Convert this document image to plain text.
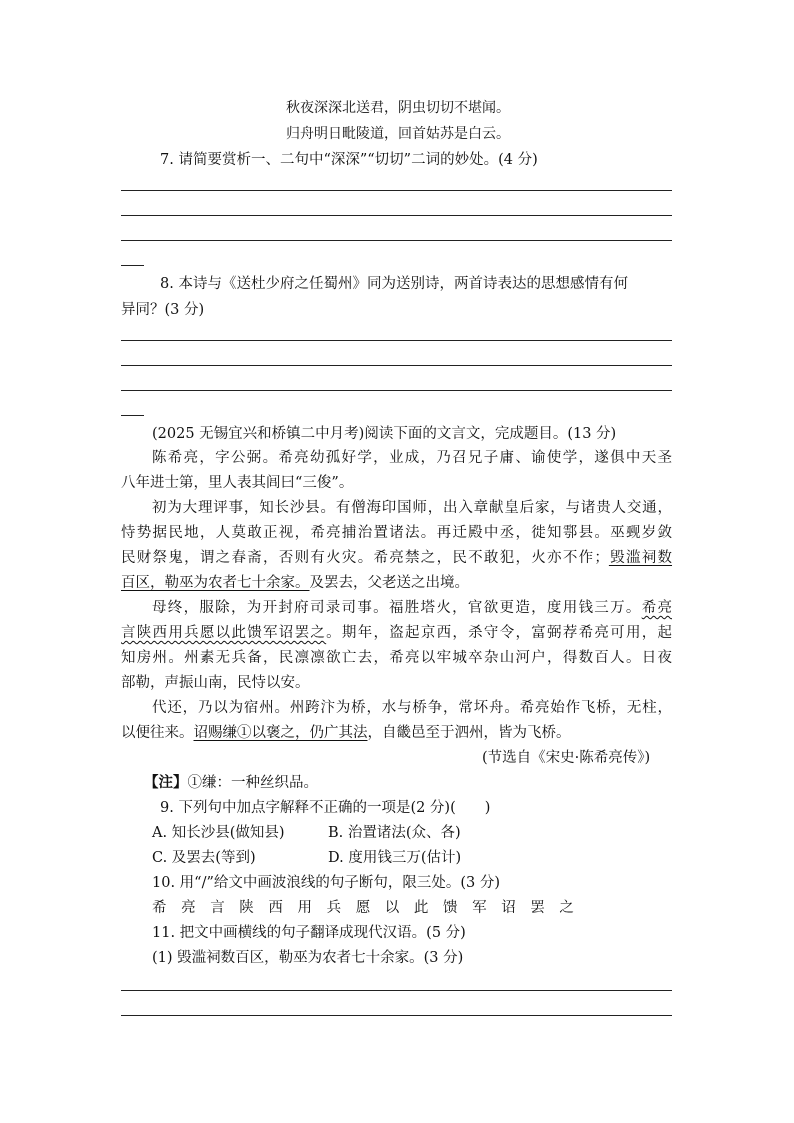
秋夜深深北送君，阴虫切切不堪闻。
归舟明日毗陵道，回首姑苏是白云。
7. 请简要赏析一、二句中“深深”“切切”二词的妙处。(4 分)
8. 本诗与《送杜少府之任蜀州》同为送别诗，两首诗表达的思想感情有何
异同？(3 分)
(2025 无锡宜兴和桥镇二中月考)阅读下面的文言文，完成题目。(13 分)
陈希亮，字公弼。希亮幼孤好学，业成，乃召兄子庸、谕使学，遂俱中天圣
八年进士第，里人表其闾曰“三俊”。
初为大理评事，知长沙县。有僧海印国师，出入章献皇后家，与诸贵人交通，
恃势据民地，人莫敢正视，希亮捕治置诸法。再迁殿中丞，徙知鄠县。巫觋岁敛
民财祭鬼，谓之春斋，否则有火灾。希亮禁之，民不敢犯，火亦不作；毁滥祠数
百区，勒巫为农者七十余家。及罢去，父老送之出境。
母终，服除，为开封府司录司事。福胜塔火，官欲更造，度用钱三万。希亮
言陕西用兵愿以此馈军诏罢之。期年，盗起京西，杀守令，富弼荐希亮可用，起
知房州。州素无兵备，民凛凛欲亡去，希亮以牢城卒杂山河户，得数百人。日夜
部勒，声振山南，民恃以安。
代还，乃以为宿州。州跨汴为桥，水与桥争，常坏舟。希亮始作飞桥，无柱，
以便往来。诏赐缣①以褒之，仍广其法，自畿邑至于泗州，皆为飞桥。
(节选自《宋史·陈希亮传》)
【注】①缣：一种丝织品。
9. 下列句中加点字解释不正确的一项是(2 分)(　　)
A. 知长沙县(做知县)	B. 治置诸法(众、各)
C. 及罢去(等到)	D. 度用钱三万(估计)
10. 用“/”给文中画波浪线的句子断句，限三处。(3 分)
希亮言陕西用兵愿以此馈军诏罢之
11. 把文中画横线的句子翻译成现代汉语。(5 分)
(1) 毁滥祠数百区，勒巫为农者七十余家。(3 分)
